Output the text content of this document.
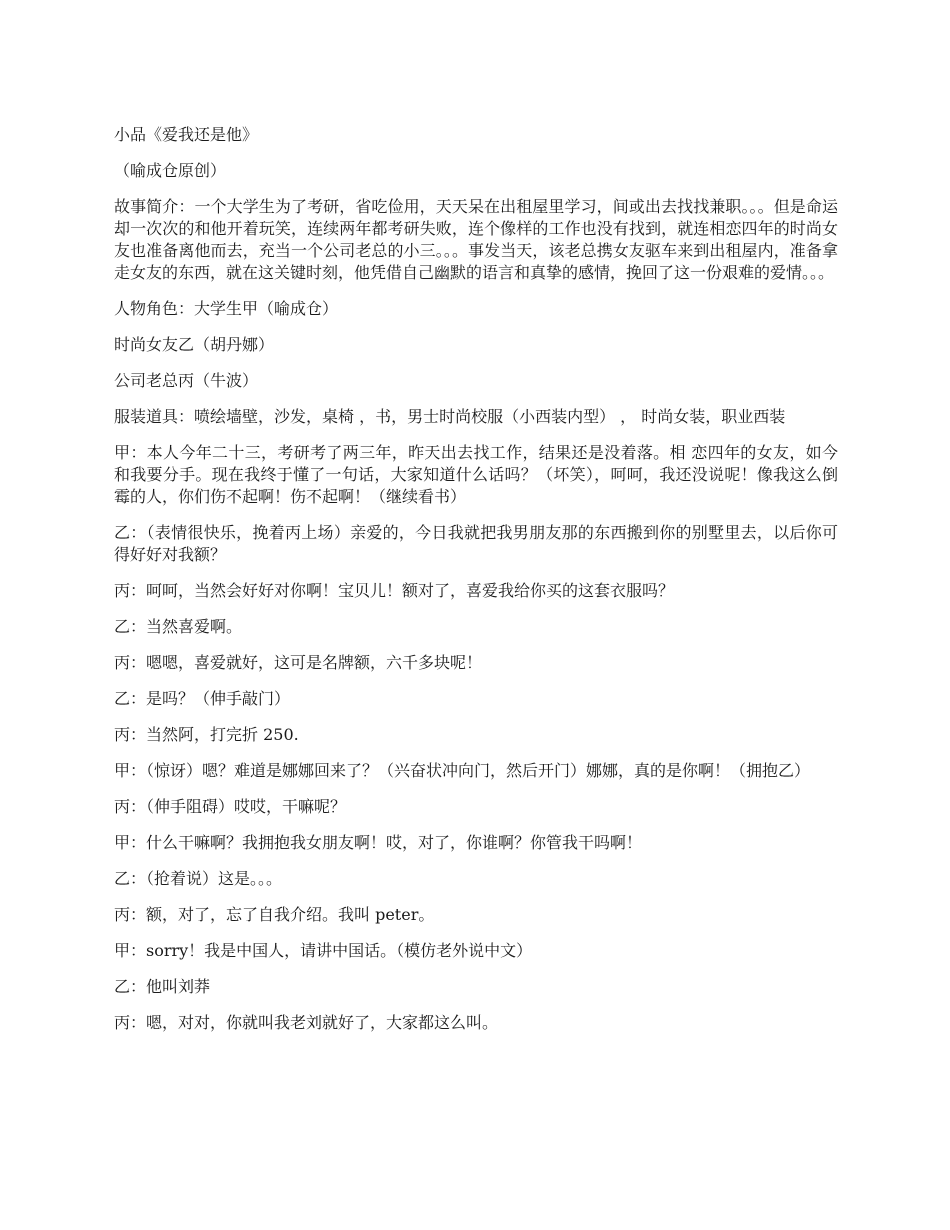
小品《爱我还是他》

（喻成仓原创）

故事简介：一个大学生为了考研，省吃俭用，天天呆在出租屋里学习，间或出去找找兼职。。。但是命运却一次次的和他开着玩笑，连续两年都考研失败，连个像样的工作也没有找到，就连相恋四年的时尚女友也准备离他而去，充当一个公司老总的小三。。。事发当天，该老总携女友驱车来到出租屋内，准备拿走女友的东西，就在这关键时刻，他凭借自己幽默的语言和真挚的感情，挽回了这一份艰难的爱情。。。

人物角色：大学生甲（喻成仓）

时尚女友乙（胡丹娜）

公司老总丙（牛波）

服装道具：喷绘墙壁，沙发，桌椅 ，书，男士时尚校服（小西装内型） ， 时尚女装，职业西装

甲：本人今年二十三，考研考了两三年，昨天出去找工作，结果还是没着落。相 恋四年的女友，如今和我要分手。现在我终于懂了一句话，大家知道什么话吗？（坏笑），呵呵，我还没说呢！像我这么倒霉的人，你们伤不起啊！伤不起啊！（继续看书）

乙：（表情很快乐，挽着丙上场）亲爱的，今日我就把我男朋友那的东西搬到你的别墅里去，以后你可得好好对我额？

丙：呵呵，当然会好好对你啊！宝贝儿！额对了，喜爱我给你买的这套衣服吗？

乙：当然喜爱啊。

丙：嗯嗯，喜爱就好，这可是名牌额，六千多块呢！

乙：是吗？（伸手敲门）

丙：当然阿，打完折 250.

甲：（惊讶）嗯？难道是娜娜回来了？（兴奋状冲向门，然后开门）娜娜，真的是你啊！（拥抱乙）

丙：（伸手阻碍）哎哎，干嘛呢？

甲：什么干嘛啊？我拥抱我女朋友啊！哎，对了，你谁啊？你管我干吗啊！

乙：（抢着说）这是。。。

丙：额，对了，忘了自我介绍。我叫 peter。

甲：sorry！我是中国人，请讲中国话。（模仿老外说中文）

乙：他叫刘莽

丙：嗯，对对，你就叫我老刘就好了，大家都这么叫。
